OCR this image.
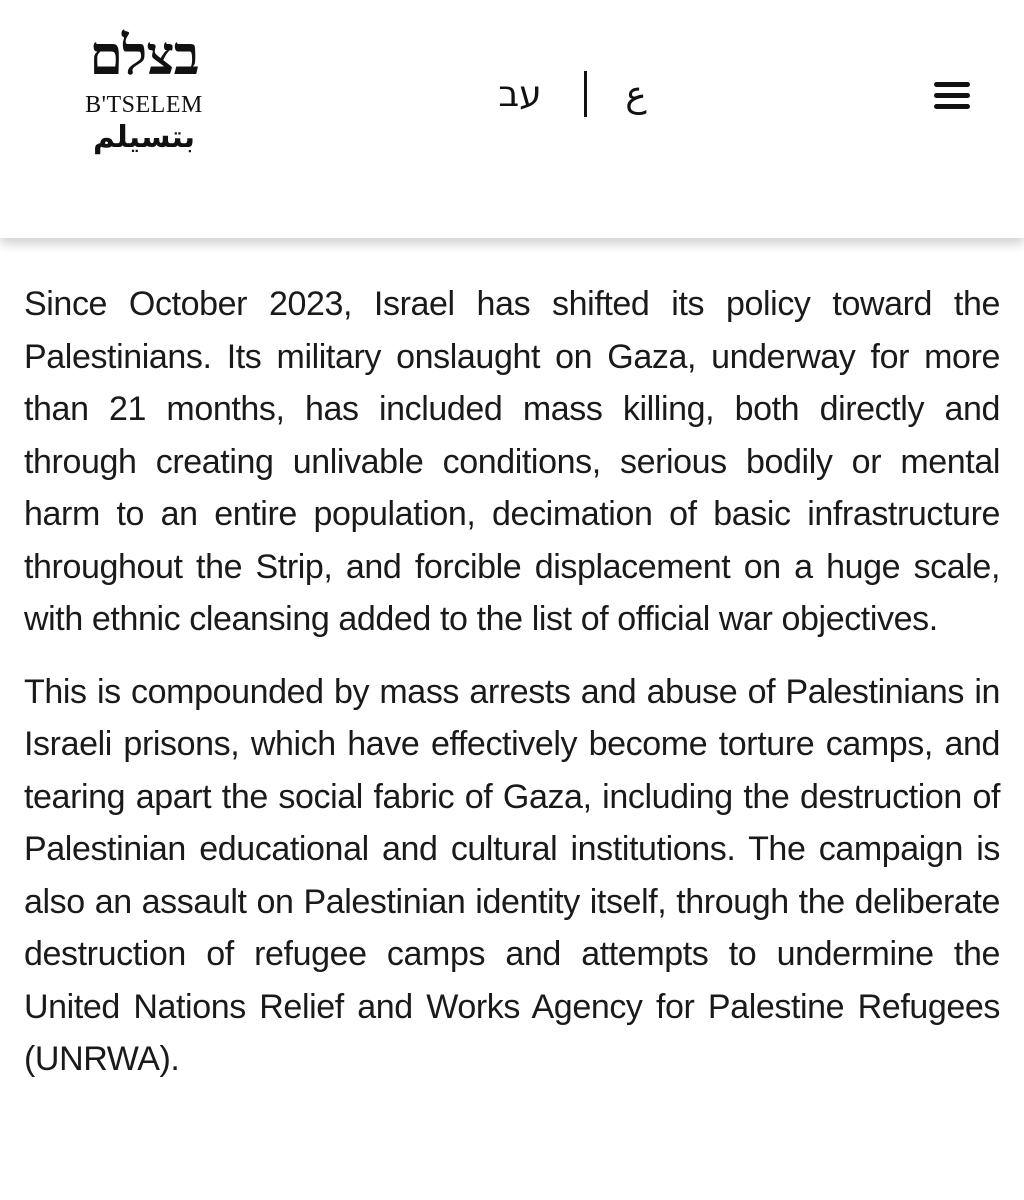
בצלם
B'TSELEM
بتسيلم
עב	ع

Since October 2023, Israel has shifted its policy toward the Palestinians. Its military onslaught on Gaza, underway for more than 21 months, has included mass killing, both directly and through creating unlivable conditions, serious bodily or mental harm to an entire population, decimation of basic infrastructure throughout the Strip, and forcible displacement on a huge scale, with ethnic cleansing added to the list of official war objectives.

This is compounded by mass arrests and abuse of Palestinians in Israeli prisons, which have effectively become torture camps, and tearing apart the social fabric of Gaza, including the destruction of Palestinian educational and cultural institutions. The campaign is also an assault on Palestinian identity itself, through the deliberate destruction of refugee camps and attempts to undermine the United Nations Relief and Works Agency for Palestine Refugees (UNRWA).
